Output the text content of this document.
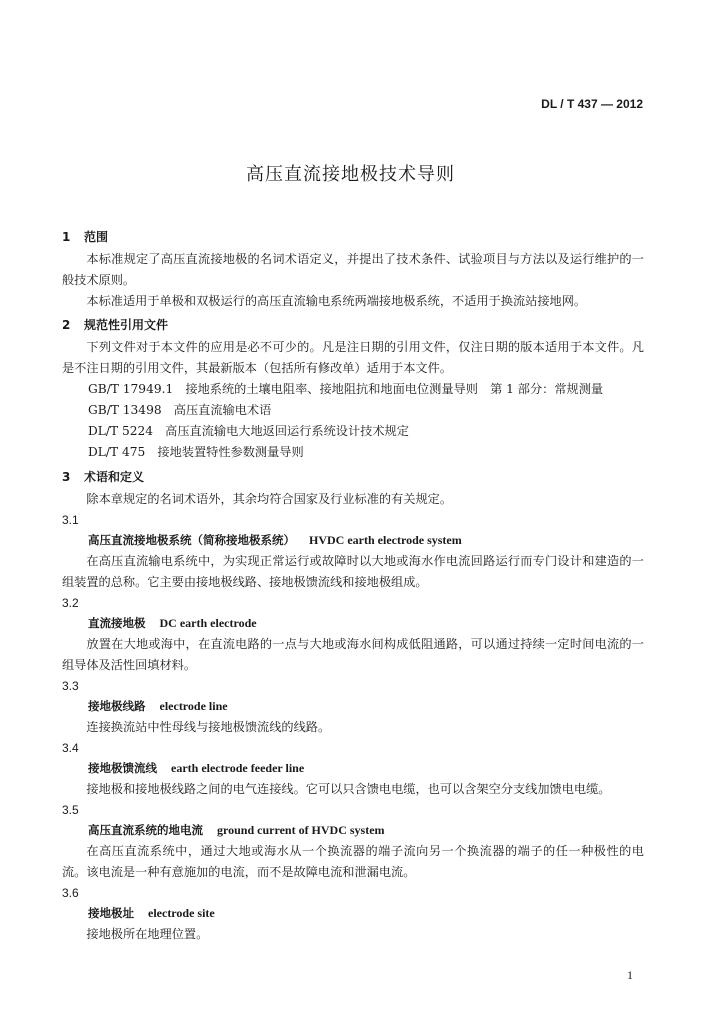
DL / T 437 — 2012
高压直流接地极技术导则
1 范围
本标准规定了高压直流接地极的名词术语定义，并提出了技术条件、试验项目与方法以及运行维护的一般技术原则。
本标准适用于单极和双极运行的高压直流输电系统两端接地极系统，不适用于换流站接地网。
2 规范性引用文件
下列文件对于本文件的应用是必不可少的。凡是注日期的引用文件，仅注日期的版本适用于本文件。凡是不注日期的引用文件，其最新版本（包括所有修改单）适用于本文件。
GB/T 17949.1　接地系统的土壤电阻率、接地阻抗和地面电位测量导则　第 1 部分：常规测量
GB/T 13498　高压直流输电术语
DL/T 5224　高压直流输电大地返回运行系统设计技术规定
DL/T 475　接地装置特性参数测量导则
3 术语和定义
除本章规定的名词术语外，其余均符合国家及行业标准的有关规定。
3.1
高压直流接地极系统（简称接地极系统） HVDC earth electrode system
在高压直流输电系统中，为实现正常运行或故障时以大地或海水作电流回路运行而专门设计和建造的一组装置的总称。它主要由接地极线路、接地极馈流线和接地极组成。
3.2
直流接地极 DC earth electrode
放置在大地或海中，在直流电路的一点与大地或海水间构成低阻通路，可以通过持续一定时间电流的一组导体及活性回填材料。
3.3
接地极线路 electrode line
连接换流站中性母线与接地极馈流线的线路。
3.4
接地极馈流线 earth electrode feeder line
接地极和接地极线路之间的电气连接线。它可以只含馈电电缆，也可以含架空分支线加馈电电缆。
3.5
高压直流系统的地电流 ground current of HVDC system
在高压直流系统中，通过大地或海水从一个换流器的端子流向另一个换流器的端子的任一种极性的电流。该电流是一种有意施加的电流，而不是故障电流和泄漏电流。
3.6
接地极址 electrode site
接地极所在地理位置。
1
